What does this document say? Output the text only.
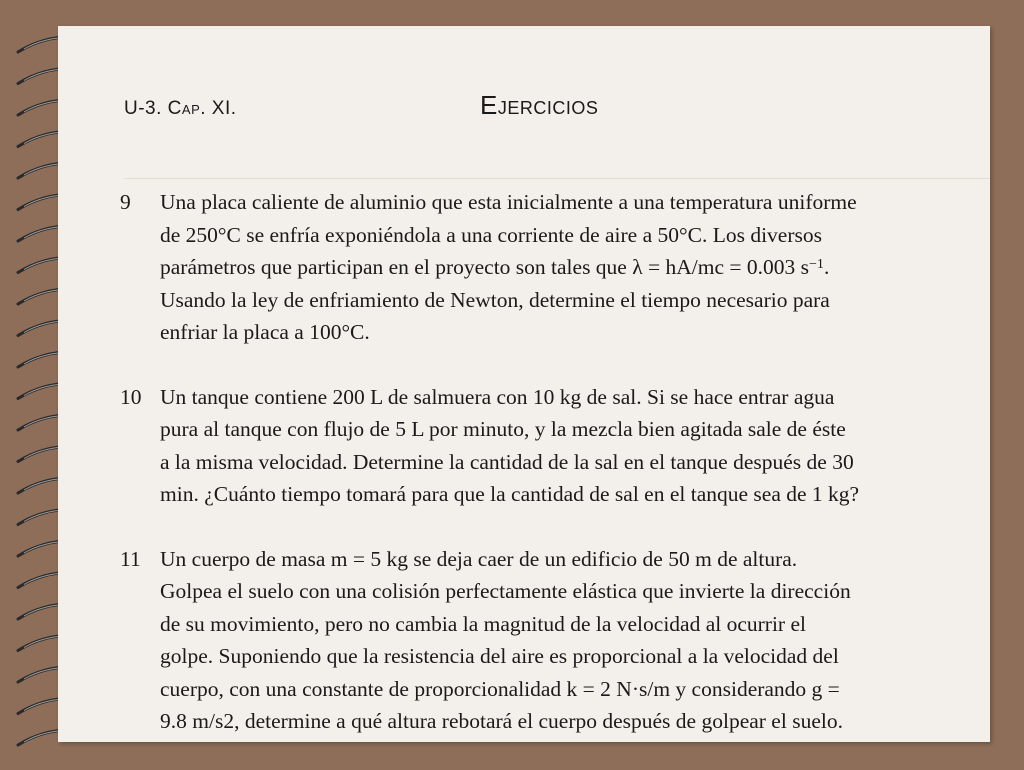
U-3. Cap. XI.	Ejercicios
9 Una placa caliente de aluminio que esta inicialmente a una temperatura uniforme
de 250°C se enfría exponiéndola a una corriente de aire a 50°C. Los diversos
parámetros que participan en el proyecto son tales que λ = hA/mc = 0.003 $s^{-1}$.
Usando la ley de enfriamiento de Newton, determine el tiempo necesario para
enfriar la placa a 100°C.
10 Un tanque contiene 200 L de salmuera con 10 kg de sal. Si se hace entrar agua
pura al tanque con flujo de 5 L por minuto, y la mezcla bien agitada sale de éste
a la misma velocidad. Determine la cantidad de la sal en el tanque después de 30
min. ¿Cuánto tiempo tomará para que la cantidad de sal en el tanque sea de 1 kg?
11 Un cuerpo de masa m = 5 kg se deja caer de un edificio de 50 m de altura.
Golpea el suelo con una colisión perfectamente elástica que invierte la dirección
de su movimiento, pero no cambia la magnitud de la velocidad al ocurrir el
golpe. Suponiendo que la resistencia del aire es proporcional a la velocidad del
cuerpo, con una constante de proporcionalidad k = 2 N·s/m y considerando g =
9.8 m/s2, determine a qué altura rebotará el cuerpo después de golpear el suelo.
